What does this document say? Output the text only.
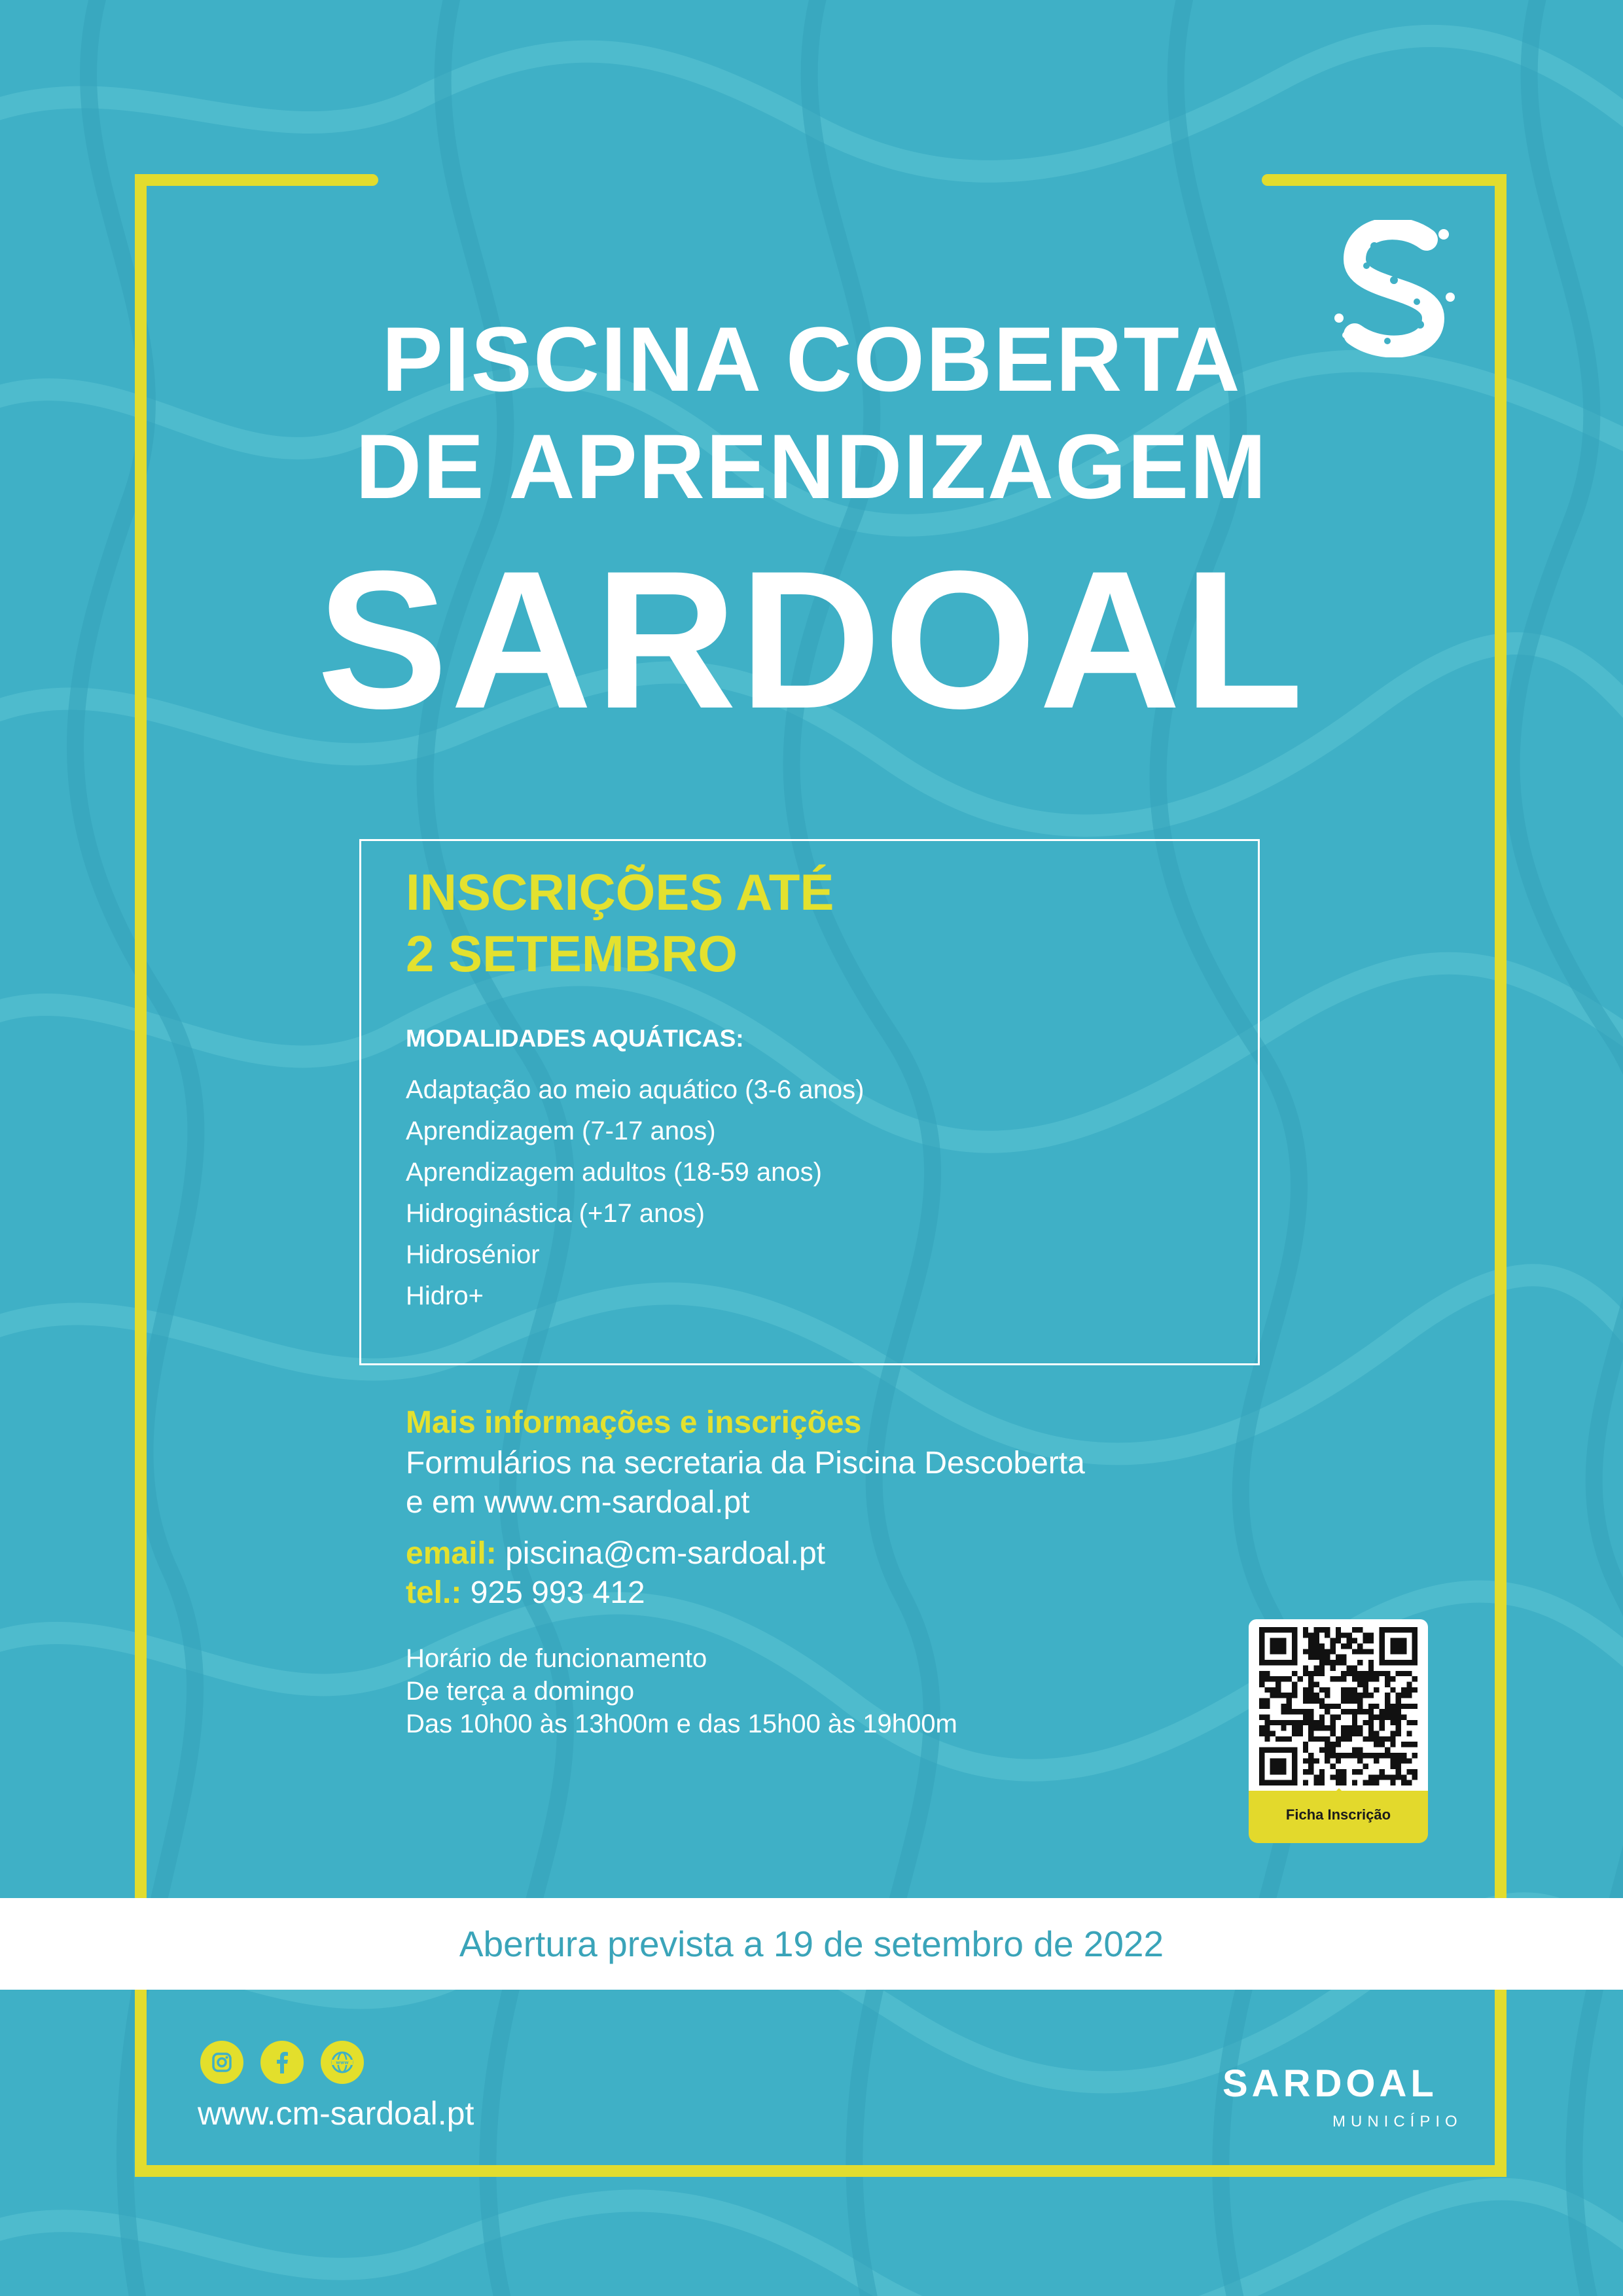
PISCINA COBERTA
DE APRENDIZAGEM
SARDOAL
INSCRIÇÕES ATÉ
2 SETEMBRO
MODALIDADES AQUÁTICAS:
Adaptação ao meio aquático (3-6 anos)
Aprendizagem (7-17 anos)
Aprendizagem adultos (18-59 anos)
Hidroginástica (+17 anos)
Hidrosénior
Hidro+
Mais informações e inscrições
Formulários na secretaria da Piscina Descoberta
e em www.cm-sardoal.pt
email: piscina@cm-sardoal.pt
tel.: 925 993 412
Horário de funcionamento
De terça a domingo
Das 10h00 às 13h00m e das 15h00 às 19h00m
Ficha Inscrição
Abertura prevista a 19 de setembro de 2022
www
www.cm-sardoal.pt
SARDOAL
MUNICÍPIO
